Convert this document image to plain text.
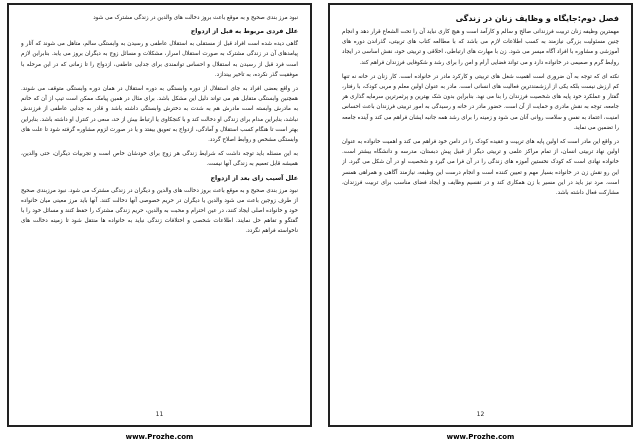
نبود مرز بندی صحیح و به موقع باعث بروز دخالت های والدین در زندگی مشترک می شود

علل فردی مربوط به قبل از ازدواج

گاهی دیده شده است افراد قبل از مستقلی به استقلال عاطفی و رسیدن به وابستگی سالم، متاهل می شوند که آثار و پیامدهای آن در زندگی مشترک به صورت استقلال اسرار، مشکلات و مسائل زوج به دیگران بروز می یابد. بنابراین لازم است فرد قبل از رسیدن به استقلال و احساس توانمندی برای جدایی عاطفی، ازدواج را تا زمانی که در این مرحله با موفقیت گذر نکرده، به تاخیر بیندازد.

در واقع بعضی افراد به جای استقلال از دوره وابستگی به دوره استقلال در همان دوره وابستگی متوقف می شوند. همچنین وابستگی متقابل هم می تواند دلیل این مشکل باشد. برای مثال در همین پیامک ممکن است تیپ از آن که خانم به مادرش وابسته است مادرش هم به شدت به دخترش وابستگی داشته باشد و قادر به جدایی عاطفی از فرزندش نباشد، بنابراین مدام برای زندگی او دخالت کند و با کنجکاوی یا ارتباط بیش از حد، سعی در کنترل او داشته باشد. بنابراین بهتر است تا هنگام کسب استقلال و آمادگی، ازدواج به تعویق بیفتد و یا در صورت لزوم مشاوره گرفته شود تا علت های وابستگی مشخص و روابط اصلاح گردد.

به این مسئله باید توجه داشت که شرایط زندگی هر زوج برای خودشان خاص است و تجربیات دیگران، حتی والدین، همیشه قابل تعمیم به زندگی آنها نیست.

علل آسیب زای بعد از ازدواج

نبود مرز بندی صحیح و به موقع باعث بروز دخالت های والدین و دیگران در زندگی مشترک می شود. نبود مرزبندی صحیح از طرف زوجین باعث می شود والدین یا دیگران در حریم خصوصی آنها دخالت کنند. آنها باید مرز معینی میان خانواده خود و خانواده اصلی ایجاد کنند، در عین احترام و محبت به والدین، حریم زندگی مشترک را حفظ کنند و مسائل خود را با گفتگو و تفاهم حل نمایند. اطلاعات شخصی و اختلافات زندگی نباید به خانواده ها منتقل شود تا زمینه دخالت های ناخواسته فراهم نگردد.

11
فصل دوم:جایگاه و وظایف زنان در زندگی

مهمترین وظیفه زنان تربیت فرزندانی صالح و سالم و کارآمد است و هیچ کاری نباید آن را تحت الشعاع قرار دهد و انجام چنین مسئولیت بزرگی نیازمند به کسب اطلاعات لازم می باشد که با مطالعه کتاب های تربیتی، گذراندن دوره های آموزشی و مشاوره با افراد آگاه میسر می شود. زن با مهارت های ارتباطی، اخلاقی و تربیتی خود، نقش اساسی در ایجاد روابط گرم و صمیمی در خانواده دارد و می تواند فضایی آرام و امن را برای رشد و شکوفایی فرزندان فراهم کند.

نکته ای که توجه به آن ضروری است اهمیت شغل های تربیتی و کارکرد مادر در خانواده است. کار زنان در خانه نه تنها کم ارزش نیست بلکه یکی از ارزشمندترین فعالیت های انسانی است. مادر به عنوان اولین معلم و مربی کودک، با رفتار، گفتار و عملکرد خود پایه های شخصیت فرزندان را بنا می نهد. بنابراین بدون شک بهترین و پرثمرترین سرمایه گذاری هر جامعه، توجه به نقش مادری و حمایت از آن است. حضور مادر در خانه و رسیدگی به امور تربیتی فرزندان باعث احساس امنیت، اعتماد به نفس و سلامت روانی آنان می شود و زمینه را برای رشد همه جانبه ایشان فراهم می کند و آینده جامعه را تضمین می نماید.

در واقع این مادر است که اولین پایه های تربیت و عقیده کودک را در دامن خود فراهم می کند و اهمیت خانواده به عنوان اولین نهاد تربیتی انسان، از تمام مراکز علمی و تربیتی دیگر از قبیل پیش دبستان، مدرسه و دانشگاه بیشتر است. خانواده نهادی است که کودک نخستین آموزه های زندگی را در آن فرا می گیرد و شخصیت او در آن شکل می گیرد. از این رو نقش زن در خانواده بسیار مهم و تعیین کننده است و انجام درست این وظیفه، نیازمند آگاهی و همراهی همسر است. مرد نیز باید در این مسیر با زن همکاری کند و در تقسیم وظایف و ایجاد فضای مناسب برای تربیت فرزندان، مشارکت فعال داشته باشد.

12
www.Prozhe.com	www.Prozhe.com
